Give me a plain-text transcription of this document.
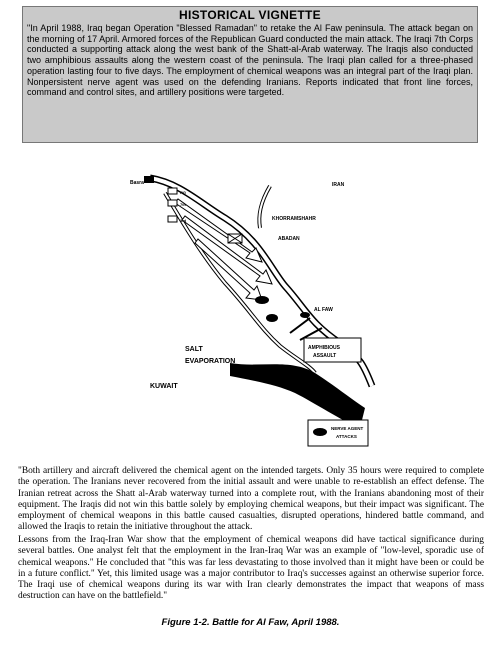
HISTORICAL VIGNETTE
"In April 1988, Iraq began Operation "Blessed Ramadan" to retake the Al Faw peninsula. The attack began on the morning of 17 April. Armored forces of the Republican Guard conducted the main attack. The Iraqi 7th Corps conducted a supporting attack along the west bank of the Shatt-al-Arab waterway. The Iraqis also conducted two amphibious assaults along the western coast of the peninsula. The Iraqi plan called for a three-phased operation lasting four to five days. The employment of chemical weapons was an integral part of the Iraqi plan. Nonpersistent nerve agent was used on the defending Iranians. Reports indicated that front line forces, command and control sites, and artillery positions were targeted.
RG
7th
3rd
IRAN
KHORRAMSHAHR
ABADAN
Basra
AL FAW
SALT
EVAPORATION
KUWAIT
AMPHIBIOUS
ASSAULT
NERVE AGENT
ATTACKS
"Both artillery and aircraft delivered the chemical agent on the intended targets. Only 35 hours were required to complete the operation. The Iranians never recovered from the initial assault and were unable to re-establish an effect defense. The Iranian retreat across the Shatt al-Arab waterway turned into a complete rout, with the Iranians abandoning most of their equipment. The Iraqis did not win this battle solely by employing chemical weapons, but their impact was significant. The employment of chemical weapons in this battle caused casualties, disrupted operations, hindered battle command, and allowed the Iraqis to retain the initiative throughout the attack.
Lessons from the Iraq-Iran War show that the employment of chemical weapons did have tactical significance during several battles. One analyst felt that the employment in the Iran-Iraq War was an example of "low-level, sporadic use of chemical weapons." He concluded that "this was far less devastating to those involved than it might have been or could be in a future conflict." Yet, this limited usage was a major contributor to Iraq's successes against an otherwise superior force. The Iraqi use of chemical weapons during its war with Iran clearly demonstrates the impact that weapons of mass destruction can have on the battlefield."
Figure 1-2. Battle for Al Faw, April 1988.
